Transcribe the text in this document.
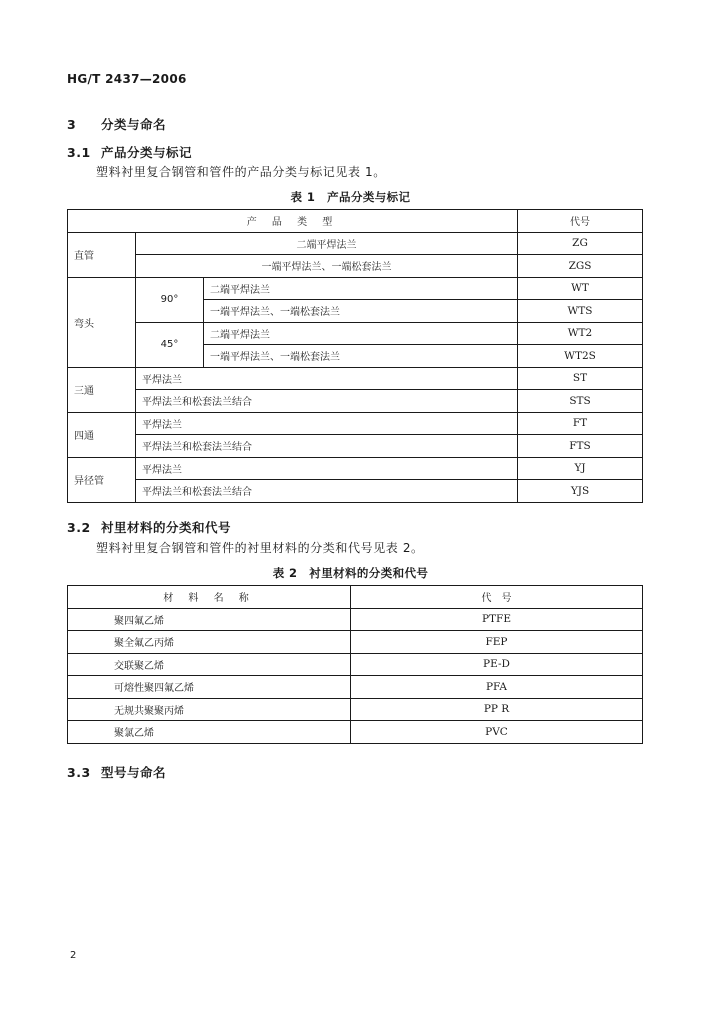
HG/T 2437—2006
3 分类与命名
3.1 产品分类与标记
塑料衬里复合钢管和管件的产品分类与标记见表 1。
表 1　产品分类与标记
产 品 类 型			代号
直管	二端平焊法兰		ZG
	一端平焊法兰、一端松套法兰		ZGS
弯头	90°	二端平焊法兰	WT
		一端平焊法兰、一端松套法兰	WTS
	45°	二端平焊法兰	WT2
		一端平焊法兰、一端松套法兰	WT2S
三通	平焊法兰		ST
	平焊法兰和松套法兰结合		STS
四通	平焊法兰		FT
	平焊法兰和松套法兰结合		FTS
异径管	平焊法兰		YJ
	平焊法兰和松套法兰结合		YJS
3.2 衬里材料的分类和代号
塑料衬里复合钢管和管件的衬里材料的分类和代号见表 2。
表 2　衬里材料的分类和代号
材 料 名 称	代　号
聚四氟乙烯	PTFE
聚全氟乙丙烯	FEP
交联聚乙烯	PE-D
可熔性聚四氟乙烯	PFA
无规共聚聚丙烯	PP R
聚氯乙烯	PVC
3.3 型号与命名
2
